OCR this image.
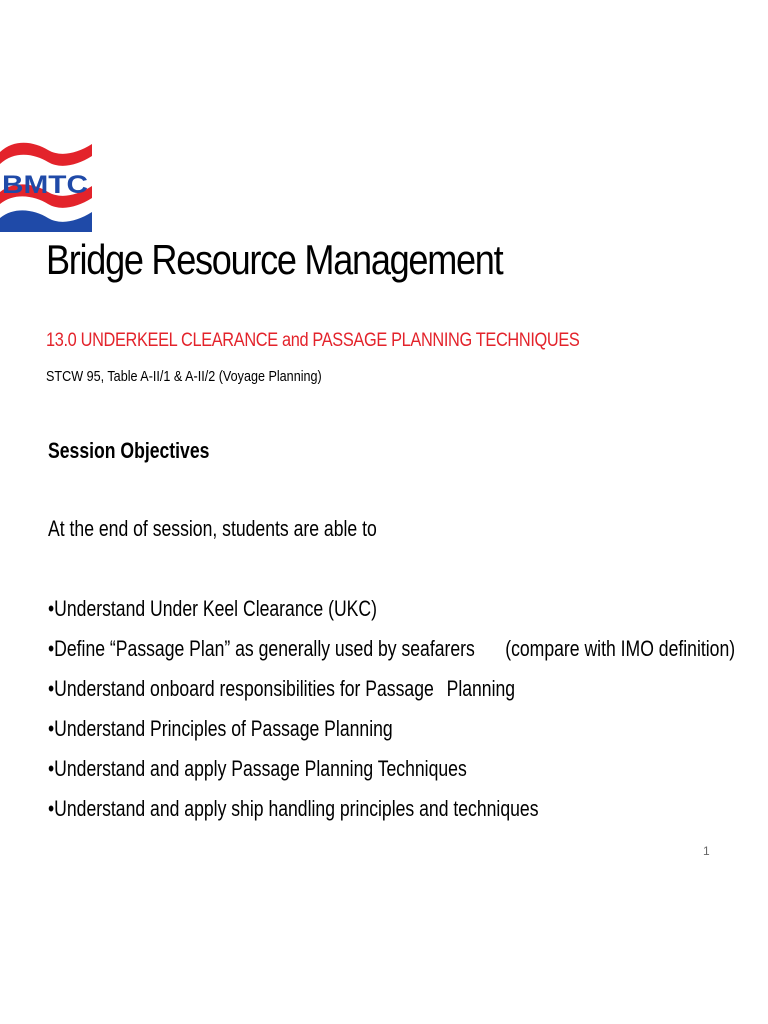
BMTC
Bridge Resource Management
13.0 UNDERKEEL CLEARANCE and PASSAGE PLANNING TECHNIQUES
STCW 95, Table A-II/1 & A-II/2 (Voyage Planning)
Session Objectives
At the end of session, students are able to
•Understand Under Keel Clearance (UKC)
•Define “Passage Plan” as generally used by seafarers (compare with IMO definition)
•Understand onboard responsibilities for Passage Planning
•Understand Principles of Passage Planning
•Understand and apply Passage Planning Techniques
•Understand and apply ship handling principles and techniques
1
